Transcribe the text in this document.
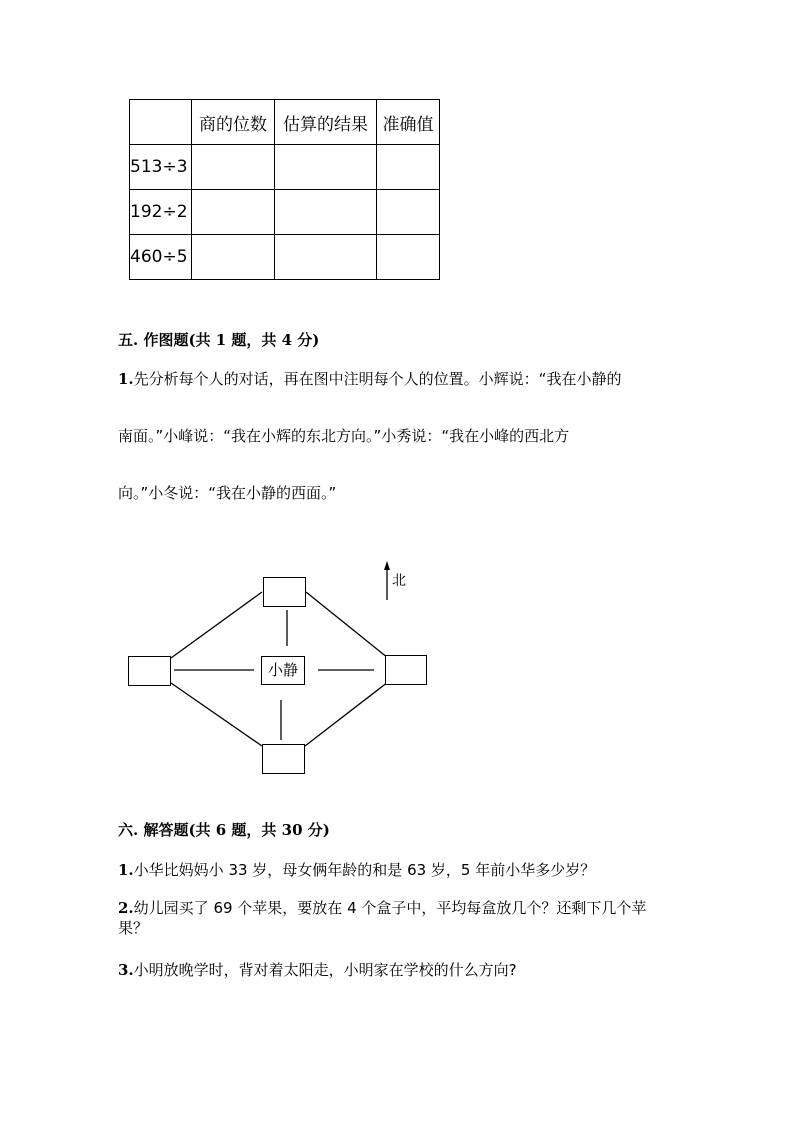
	商的位数	估算的结果	准确值
513÷3			
192÷2			
460÷5			
五. 作图题(共 1 题，共 4 分)
1.先分析每个人的对话，再在图中注明每个人的位置。小辉说：“我在小静的
南面。”小峰说：“我在小辉的东北方向。”小秀说：“我在小峰的西北方
向。”小冬说：“我在小静的西面。”
小静
北
六. 解答题(共 6 题，共 30 分)
1.小华比妈妈小 33 岁，母女俩年龄的和是 63 岁，5 年前小华多少岁？
2.幼儿园买了 69 个苹果，要放在 4 个盒子中，平均每盒放几个？还剩下几个苹果？
3.小明放晚学时，背对着太阳走，小明家在学校的什么方向?
